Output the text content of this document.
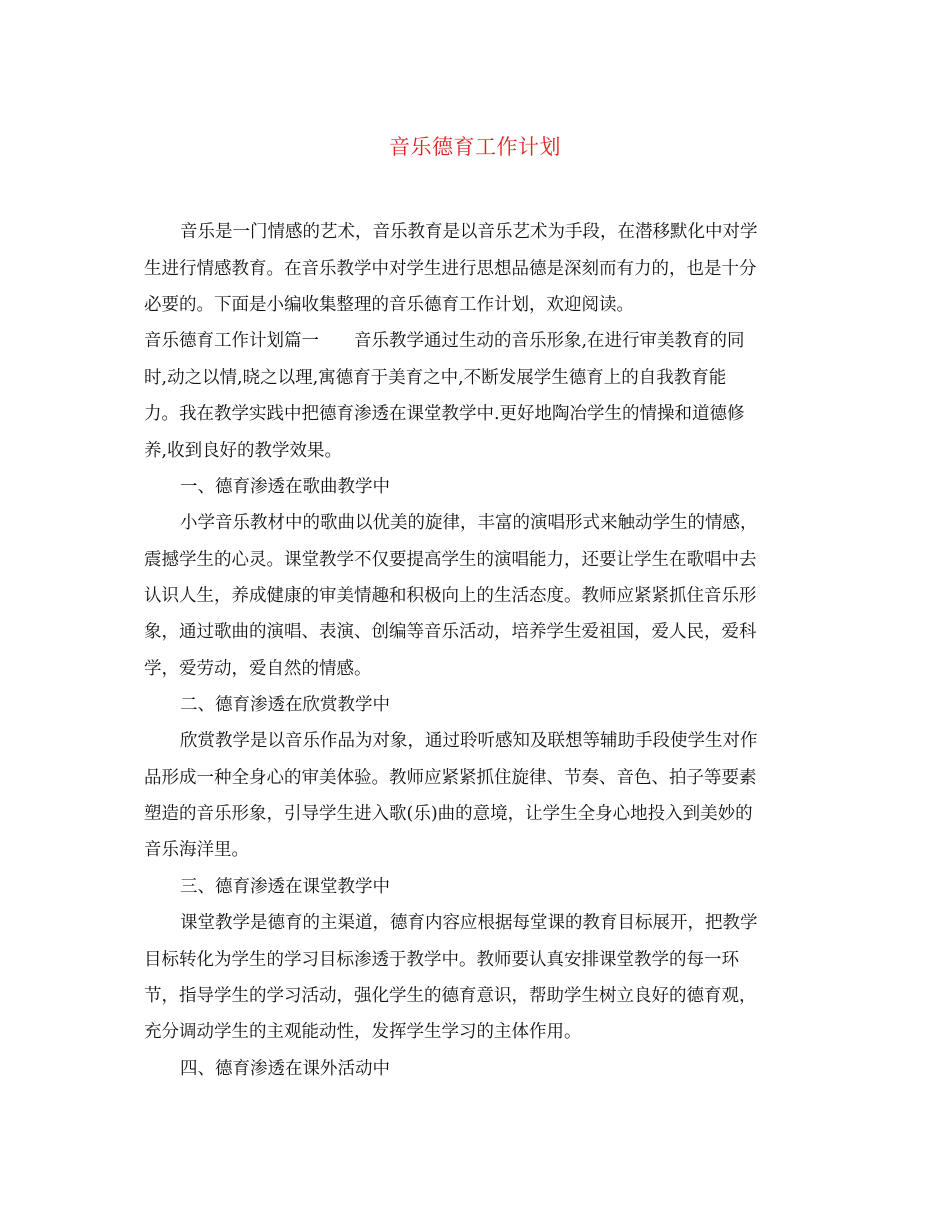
音乐德育工作计划
音乐是一门情感的艺术，音乐教育是以音乐艺术为手段，在潜移默化中对学
生进行情感教育。在音乐教学中对学生进行思想品德是深刻而有力的，也是十分
必要的。下面是小编收集整理的音乐德育工作计划，欢迎阅读。
音乐德育工作计划篇一　　音乐教学通过生动的音乐形象,在进行审美教育的同
时,动之以情,晓之以理,寓德育于美育之中,不断发展学生德育上的自我教育能
力。我在教学实践中把德育渗透在课堂教学中.更好地陶冶学生的情操和道德修
养,收到良好的教学效果。
一、德育渗透在歌曲教学中
小学音乐教材中的歌曲以优美的旋律，丰富的演唱形式来触动学生的情感，
震撼学生的心灵。课堂教学不仅要提高学生的演唱能力，还要让学生在歌唱中去
认识人生，养成健康的审美情趣和积极向上的生活态度。教师应紧紧抓住音乐形
象，通过歌曲的演唱、表演、创编等音乐活动，培养学生爱祖国，爱人民，爱科
学，爱劳动，爱自然的情感。
二、德育渗透在欣赏教学中
欣赏教学是以音乐作品为对象，通过聆听感知及联想等辅助手段使学生对作
品形成一种全身心的审美体验。教师应紧紧抓住旋律、节奏、音色、拍子等要素
塑造的音乐形象，引导学生进入歌(乐)曲的意境，让学生全身心地投入到美妙的
音乐海洋里。
三、德育渗透在课堂教学中
课堂教学是德育的主渠道，德育内容应根据每堂课的教育目标展开，把教学
目标转化为学生的学习目标渗透于教学中。教师要认真安排课堂教学的每一环
节，指导学生的学习活动，强化学生的德育意识，帮助学生树立良好的德育观，
充分调动学生的主观能动性，发挥学生学习的主体作用。
四、德育渗透在课外活动中
